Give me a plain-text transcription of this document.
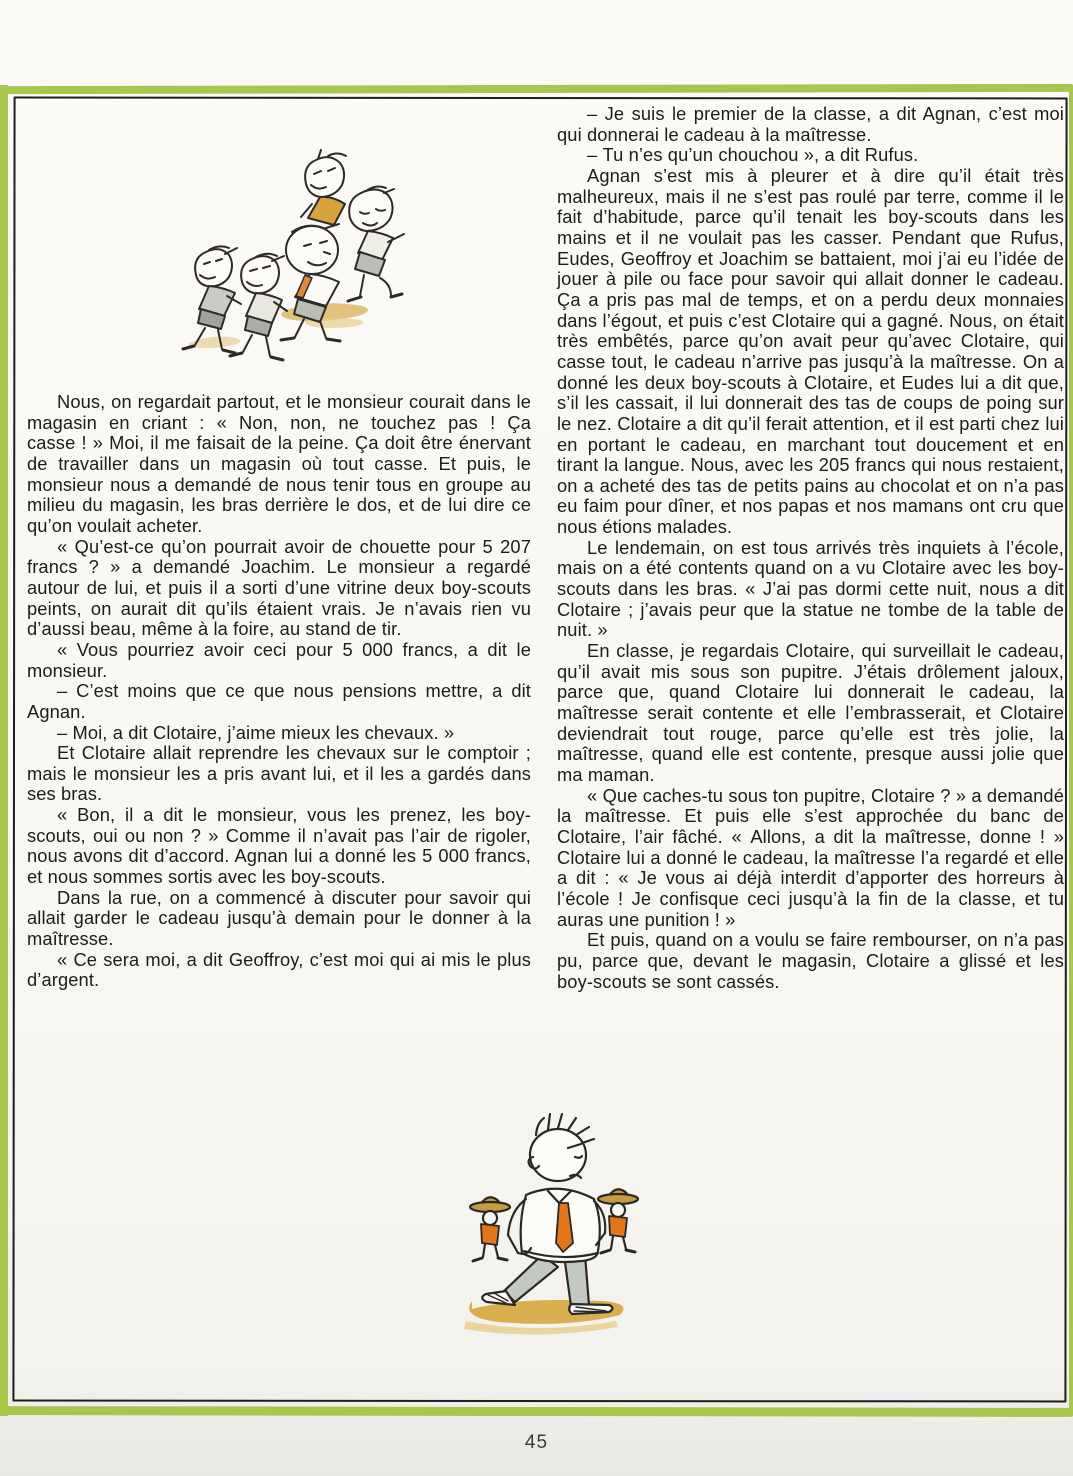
Nous, on regardait partout, et le monsieur courait dans le magasin en criant : « Non, non, ne touchez pas ! Ça casse ! » Moi, il me faisait de la peine. Ça doit être énervant de travailler dans un magasin où tout casse. Et puis, le monsieur nous a demandé de nous tenir tous en groupe au milieu du magasin, les bras derrière le dos, et de lui dire ce qu’on voulait acheter.

« Qu’est-ce qu’on pourrait avoir de chouette pour 5 207 francs ? » a demandé Joachim. Le monsieur a regardé autour de lui, et puis il a sorti d’une vitrine deux boy-scouts peints, on aurait dit qu’ils étaient vrais. Je n’avais rien vu d’aussi beau, même à la foire, au stand de tir.

« Vous pourriez avoir ceci pour 5 000 francs, a dit le monsieur.

– C’est moins que ce que nous pensions mettre, a dit Agnan.

– Moi, a dit Clotaire, j’aime mieux les chevaux. »

Et Clotaire allait reprendre les chevaux sur le comptoir ; mais le monsieur les a pris avant lui, et il les a gardés dans ses bras.

« Bon, il a dit le monsieur, vous les prenez, les boy-scouts, oui ou non ? » Comme il n’avait pas l’air de rigoler, nous avons dit d’accord. Agnan lui a donné les 5 000 francs, et nous sommes sortis avec les boy-scouts.

Dans la rue, on a commencé à discuter pour savoir qui allait garder le cadeau jusqu’à demain pour le donner à la maîtresse.

« Ce sera moi, a dit Geoffroy, c’est moi qui ai mis le plus d’argent.

– Je suis le premier de la classe, a dit Agnan, c’est moi qui donnerai le cadeau à la maîtresse.

– Tu n’es qu’un chouchou », a dit Rufus.

Agnan s’est mis à pleurer et à dire qu’il était très malheureux, mais il ne s’est pas roulé par terre, comme il le fait d’habitude, parce qu’il tenait les boy-scouts dans les mains et il ne voulait pas les casser. Pendant que Rufus, Eudes, Geoffroy et Joachim se battaient, moi j’ai eu l’idée de jouer à pile ou face pour savoir qui allait donner le cadeau. Ça a pris pas mal de temps, et on a perdu deux monnaies dans l’égout, et puis c’est Clotaire qui a gagné. Nous, on était très embêtés, parce qu’on avait peur qu’avec Clotaire, qui casse tout, le cadeau n’arrive pas jusqu’à la maîtresse. On a donné les deux boy-scouts à Clotaire, et Eudes lui a dit que, s’il les cassait, il lui donnerait des tas de coups de poing sur le nez. Clotaire a dit qu’il ferait attention, et il est parti chez lui en portant le cadeau, en marchant tout doucement et en tirant la langue. Nous, avec les 205 francs qui nous restaient, on a acheté des tas de petits pains au chocolat et on n’a pas eu faim pour dîner, et nos papas et nos mamans ont cru que nous étions malades.

Le lendemain, on est tous arrivés très inquiets à l’école, mais on a été contents quand on a vu Clotaire avec les boy-scouts dans les bras. « J’ai pas dormi cette nuit, nous a dit Clotaire ; j’avais peur que la statue ne tombe de la table de nuit. »

En classe, je regardais Clotaire, qui surveillait le cadeau, qu’il avait mis sous son pupitre. J’étais drôlement jaloux, parce que, quand Clotaire lui donnerait le cadeau, la maîtresse serait contente et elle l’embrasserait, et Clotaire deviendrait tout rouge, parce qu’elle est très jolie, la maîtresse, quand elle est contente, presque aussi jolie que ma maman.

« Que caches-tu sous ton pupitre, Clotaire ? » a demandé la maîtresse. Et puis elle s’est approchée du banc de Clotaire, l’air fâché. « Allons, a dit la maîtresse, donne ! » Clotaire lui a donné le cadeau, la maîtresse l’a regardé et elle a dit : « Je vous ai déjà interdit d’apporter des horreurs à l’école ! Je confisque ceci jusqu’à la fin de la classe, et tu auras une punition ! »

Et puis, quand on a voulu se faire rembourser, on n’a pas pu, parce que, devant le magasin, Clotaire a glissé et les boy-scouts se sont cassés.

45
